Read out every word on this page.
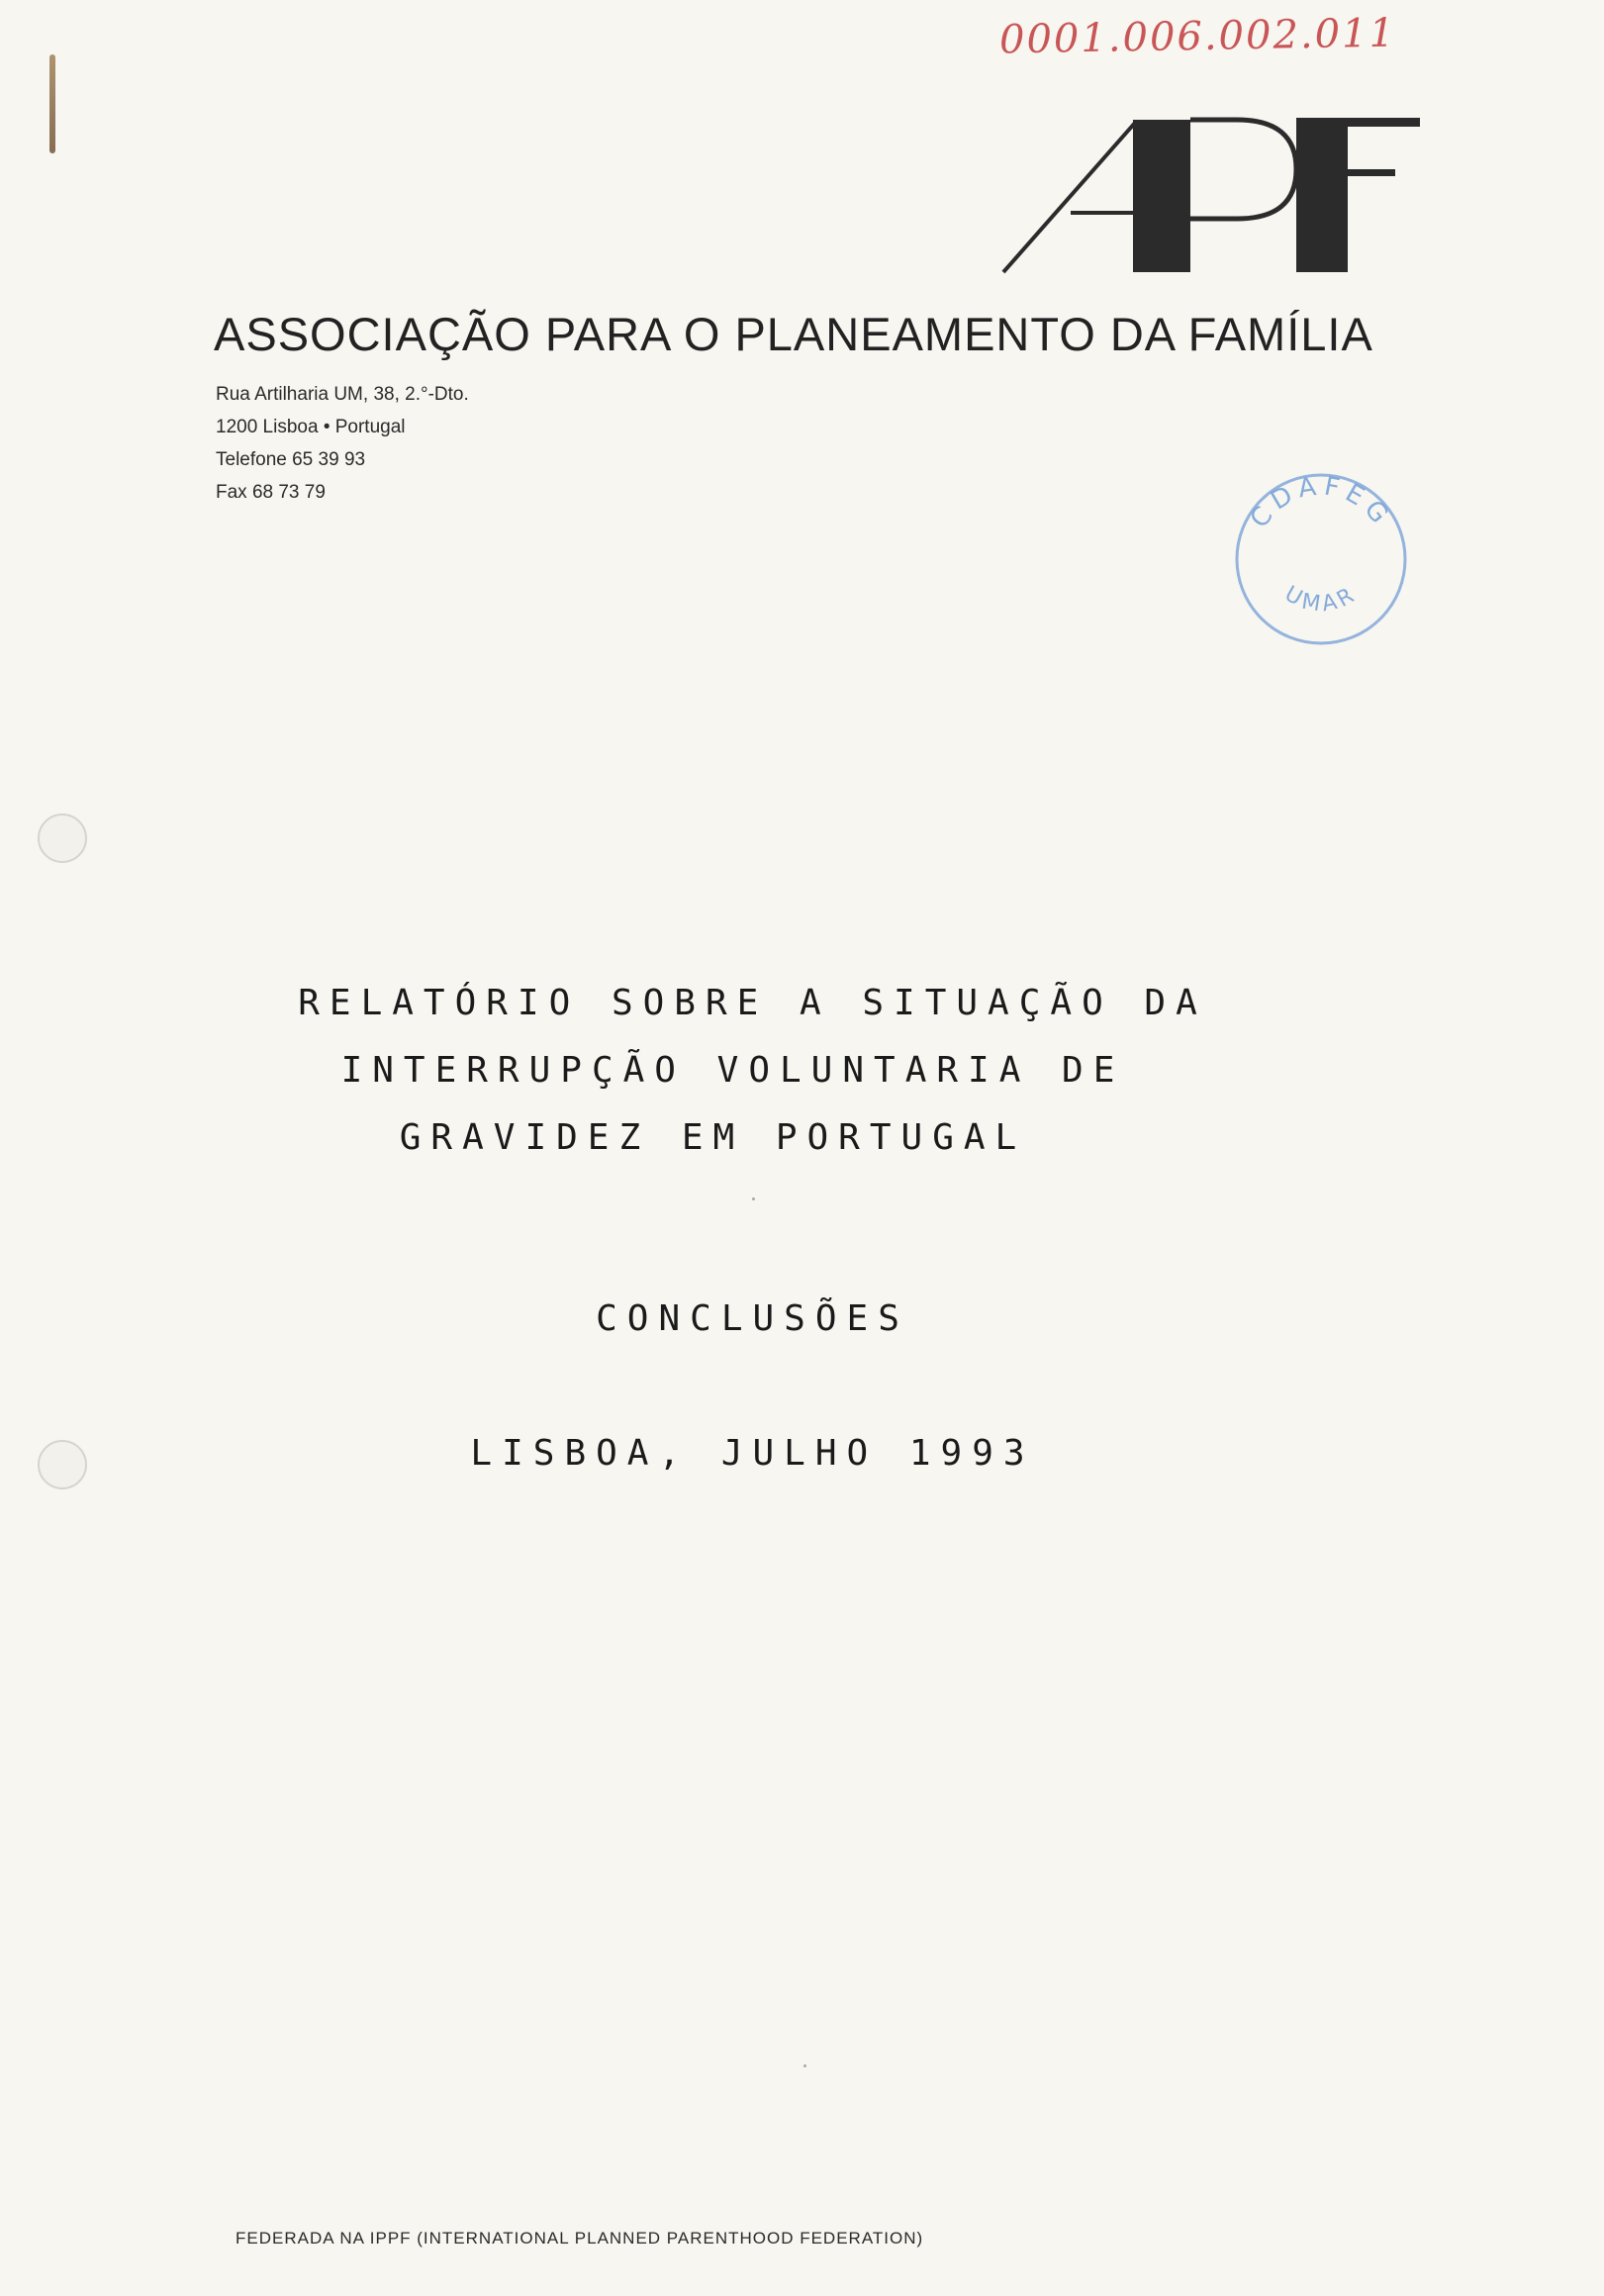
0001.006.002.011
ASSOCIAÇÃO PARA O PLANEAMENTO DA FAMÍLIA
Rua Artilharia UM, 38, 2.°-Dto.
1200 Lisboa • Portugal
Telefone 65 39 93
Fax 68 73 79
CDAFEG
UMAR
RELATÓRIO SOBRE A SITUAÇÃO DA
INTERRUPÇÃO VOLUNTARIA DE
GRAVIDEZ EM PORTUGAL
CONCLUSÕES
LISBOA, JULHO 1993
FEDERADA NA IPPF (INTERNATIONAL PLANNED PARENTHOOD FEDERATION)
